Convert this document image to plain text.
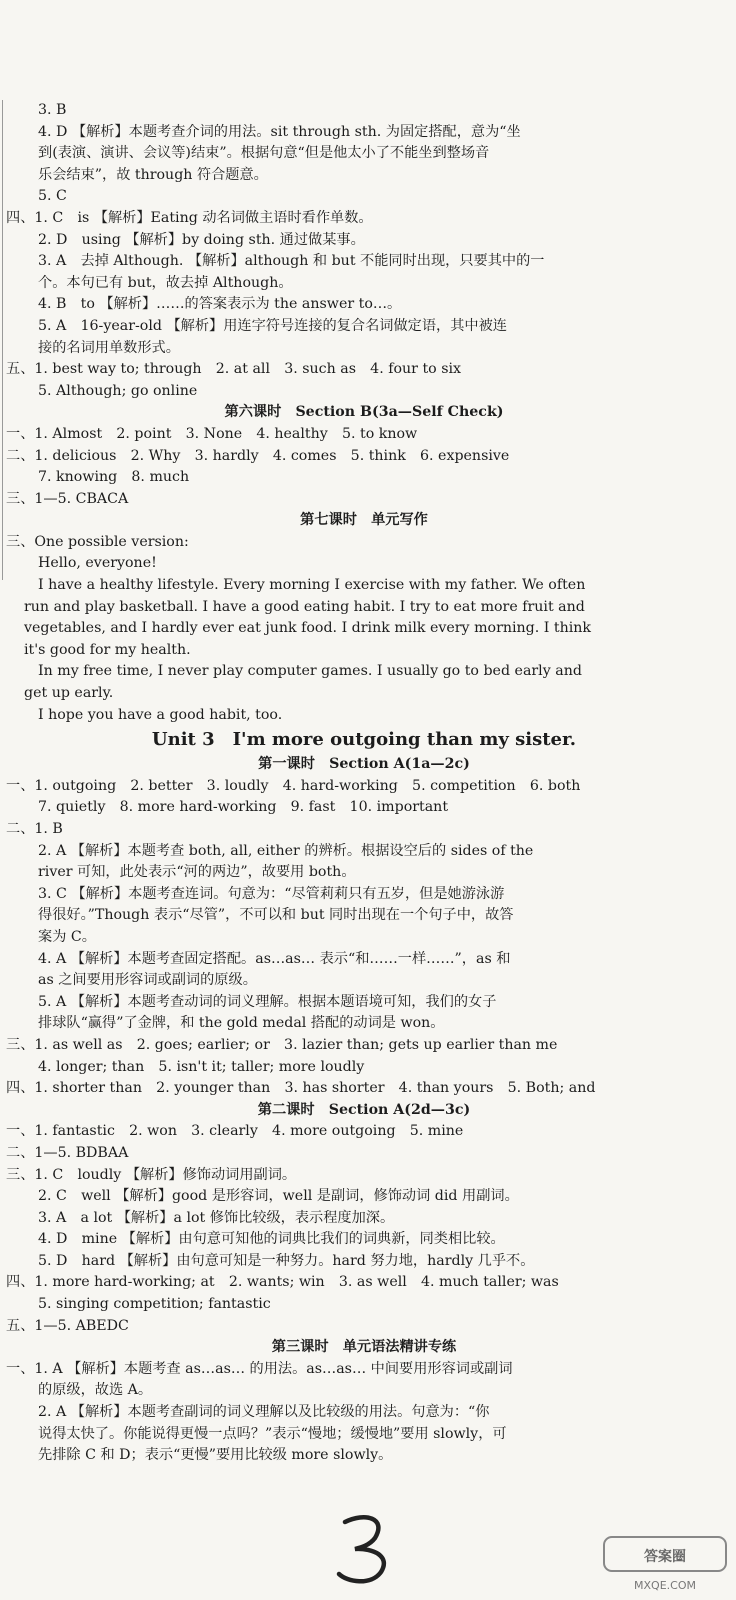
3. B
4. D 【解析】本题考查介词的用法。sit through sth. 为固定搭配，意为“坐
到(表演、演讲、会议等)结束”。根据句意“但是他太小了不能坐到整场音
乐会结束”，故 through 符合题意。
5. C
四、1. C　is 【解析】Eating 动名词做主语时看作单数。
2. D　using 【解析】by doing sth. 通过做某事。
3. A　去掉 Although. 【解析】although 和 but 不能同时出现，只要其中的一
个。本句已有 but，故去掉 Although。
4. B　to 【解析】……的答案表示为 the answer to…。
5. A　16-year-old 【解析】用连字符号连接的复合名词做定语，其中被连
接的名词用单数形式。
五、1. best way to; through　2. at all　3. such as　4. four to six
5. Although; go online
第六课时　Section B(3a—Self Check)
一、1. Almost　2. point　3. None　4. healthy　5. to know
二、1. delicious　2. Why　3. hardly　4. comes　5. think　6. expensive
7. knowing　8. much
三、1—5. CBACA
第七课时　单元写作
三、One possible version:
Hello, everyone!
I have a healthy lifestyle. Every morning I exercise with my father. We often
run and play basketball. I have a good eating habit. I try to eat more fruit and
vegetables, and I hardly ever eat junk food. I drink milk every morning. I think
it's good for my health.
In my free time, I never play computer games. I usually go to bed early and
get up early.
I hope you have a good habit, too.
Unit 3　I'm more outgoing than my sister.
第一课时　Section A(1a—2c)
一、1. outgoing　2. better　3. loudly　4. hard-working　5. competition　6. both
7. quietly　8. more hard-working　9. fast　10. important
二、1. B
2. A 【解析】本题考查 both, all, either 的辨析。根据设空后的 sides of the
river 可知，此处表示“河的两边”，故要用 both。
3. C 【解析】本题考查连词。句意为：“尽管莉莉只有五岁，但是她游泳游
得很好。”Though 表示“尽管”，不可以和 but 同时出现在一个句子中，故答
案为 C。
4. A 【解析】本题考查固定搭配。as…as… 表示“和……一样……”，as 和
as 之间要用形容词或副词的原级。
5. A 【解析】本题考查动词的词义理解。根据本题语境可知，我们的女子
排球队“赢得”了金牌，和 the gold medal 搭配的动词是 won。
三、1. as well as　2. goes; earlier; or　3. lazier than; gets up earlier than me
4. longer; than　5. isn't it; taller; more loudly
四、1. shorter than　2. younger than　3. has shorter　4. than yours　5. Both; and
第二课时　Section A(2d—3c)
一、1. fantastic　2. won　3. clearly　4. more outgoing　5. mine
二、1—5. BDBAA
三、1. C　loudly 【解析】修饰动词用副词。
2. C　well 【解析】good 是形容词，well 是副词，修饰动词 did 用副词。
3. A　a lot 【解析】a lot 修饰比较级，表示程度加深。
4. D　mine 【解析】由句意可知他的词典比我们的词典新，同类相比较。
5. D　hard 【解析】由句意可知是一种努力。hard 努力地，hardly 几乎不。
四、1. more hard-working; at　2. wants; win　3. as well　4. much taller; was
5. singing competition; fantastic
五、1—5. ABEDC
第三课时　单元语法精讲专练
一、1. A 【解析】本题考查 as…as… 的用法。as…as… 中间要用形容词或副词
的原级，故选 A。
2. A 【解析】本题考查副词的词义理解以及比较级的用法。句意为：“你
说得太快了。你能说得更慢一点吗？”表示“慢地；缓慢地”要用 slowly，可
先排除 C 和 D；表示“更慢”要用比较级 more slowly。
答案圈
MXQE.COM
